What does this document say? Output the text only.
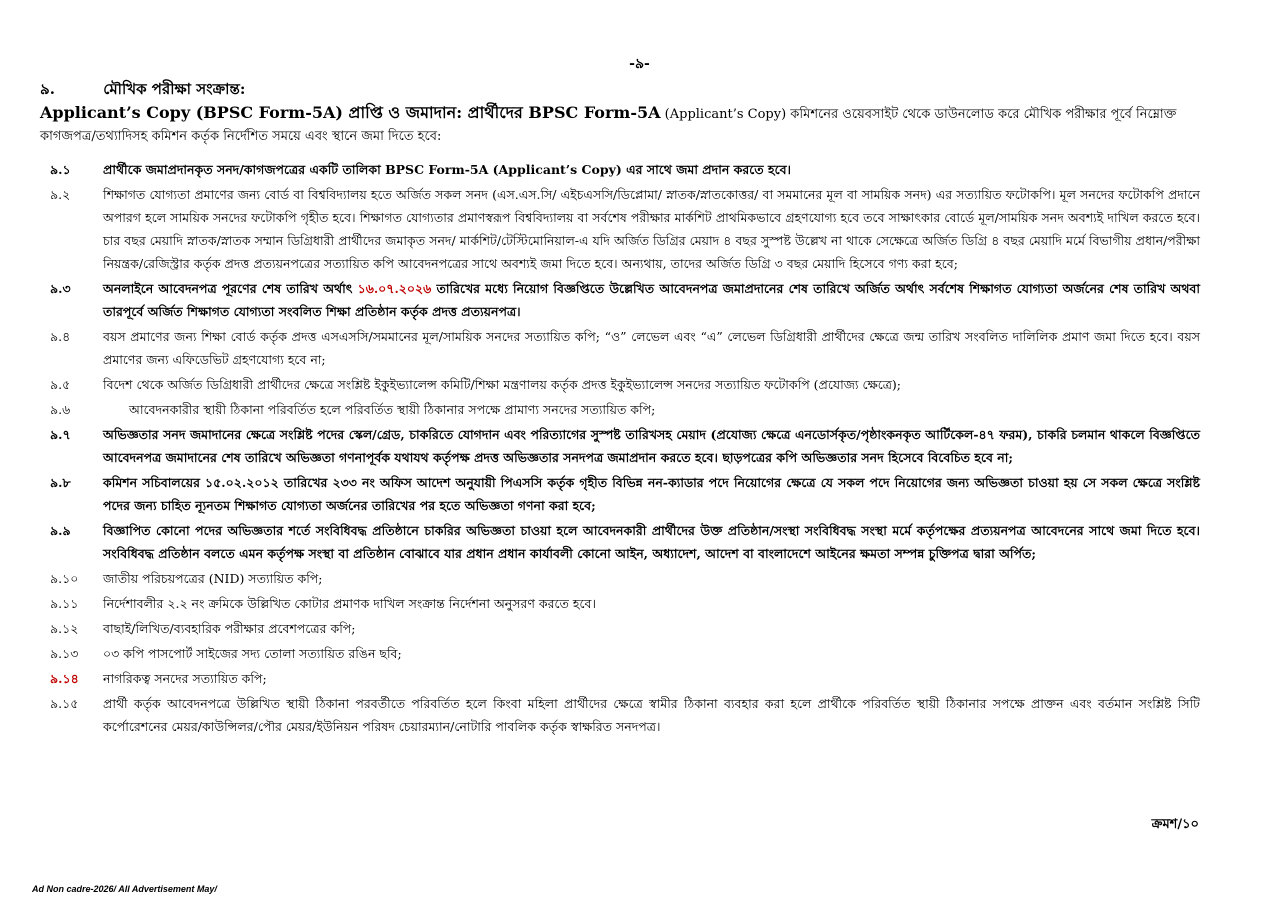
-৯-
৯.	মৌখিক পরীক্ষা সংক্রান্ত:
Applicant’s Copy (BPSC Form-5A) প্রাপ্তি ও জমাদান: প্রার্থীদের BPSC Form-5A (Applicant’s Copy) কমিশনের ওয়েবসাইট থেকে ডাউনলোড করে মৌখিক পরীক্ষার পূর্বে নিম্নোক্ত কাগজপত্র/তথ্যাদিসহ কমিশন কর্তৃক নির্দেশিত সময়ে এবং স্থানে জমা দিতে হবে:
৯.১	প্রার্থীকে জমাপ্রদানকৃত সনদ/কাগজপত্রের একটি তালিকা BPSC Form-5A (Applicant’s Copy) এর সাথে জমা প্রদান করতে হবে।
৯.২	শিক্ষাগত যোগ্যতা প্রমাণের জন্য বোর্ড বা বিশ্ববিদ্যালয় হতে অর্জিত সকল সনদ (এস.এস.সি/ এইচএসসি/ডিপ্লোমা/ স্নাতক/স্নাতকোত্তর/ বা সমমানের মূল বা সাময়িক সনদ) এর সত্যায়িত ফটোকপি। মূল সনদের ফটোকপি প্রদানে অপারগ হলে সাময়িক সনদের ফটোকপি গৃহীত হবে। শিক্ষাগত যোগ্যতার প্রমাণস্বরূপ বিশ্ববিদ্যালয় বা সর্বশেষ পরীক্ষার মার্কশিট প্রাথমিকভাবে গ্রহণযোগ্য হবে তবে সাক্ষাৎকার বোর্ডে মূল/সাময়িক সনদ অবশ্যই দাখিল করতে হবে। চার বছর মেয়াদি স্নাতক/স্নাতক সম্মান ডিগ্রিধারী প্রার্থীদের জমাকৃত সনদ/ মার্কশিট/টেস্টিমোনিয়াল-এ যদি অর্জিত ডিগ্রির মেয়াদ ৪ বছর সুস্পষ্ট উল্লেখ না থাকে সেক্ষেত্রে অর্জিত ডিগ্রি ৪ বছর মেয়াদি মর্মে বিভাগীয় প্রধান/পরীক্ষা নিয়ন্ত্রক/রেজিস্ট্রার কর্তৃক প্রদত্ত প্রত্যয়নপত্রের সত্যায়িত কপি আবেদনপত্রের সাথে অবশ্যই জমা দিতে হবে। অন্যথায়, তাদের অর্জিত ডিগ্রি ৩ বছর মেয়াদি হিসেবে গণ্য করা হবে;
৯.৩	অনলাইনে আবেদনপত্র পূরণের শেষ তারিখ অর্থাৎ ১৬.০৭.২০২৬ তারিখের মধ্যে নিয়োগ বিজ্ঞপ্তিতে উল্লেখিত আবেদনপত্র জমাপ্রদানের শেষ তারিখে অর্জিত অর্থাৎ সর্বশেষ শিক্ষাগত যোগ্যতা অর্জনের শেষ তারিখ অথবা তারপূর্বে অর্জিত শিক্ষাগত যোগ্যতা সংবলিত শিক্ষা প্রতিষ্ঠান কর্তৃক প্রদত্ত প্রত্যয়নপত্র।
৯.৪	বয়স প্রমাণের জন্য শিক্ষা বোর্ড কর্তৃক প্রদত্ত এসএসসি/সমমানের মূল/সাময়িক সনদের সত্যায়িত কপি; “ও” লেভেল এবং “এ” লেভেল ডিগ্রিধারী প্রার্থীদের ক্ষেত্রে জন্ম তারিখ সংবলিত দালিলিক প্রমাণ জমা দিতে হবে। বয়স প্রমাণের জন্য এফিডেভিট গ্রহণযোগ্য হবে না;
৯.৫	বিদেশ থেকে অর্জিত ডিগ্রিধারী প্রার্থীদের ক্ষেত্রে সংশ্লিষ্ট ইকুইভ্যালেন্স কমিটি/শিক্ষা মন্ত্রণালয় কর্তৃক প্রদত্ত ইকুইভ্যালেন্স সনদের সত্যায়িত ফটোকপি (প্রযোজ্য ক্ষেত্রে);
৯.৬	আবেদনকারীর স্থায়ী ঠিকানা পরিবর্তিত হলে পরিবর্তিত স্থায়ী ঠিকানার সপক্ষে প্রামাণ্য সনদের সত্যায়িত কপি;
৯.৭	অভিজ্ঞতার সনদ জমাদানের ক্ষেত্রে সংশ্লিষ্ট পদের স্কেল/গ্রেড, চাকরিতে যোগদান এবং পরিত্যাগের সুস্পষ্ট তারিখসহ মেয়াদ (প্রযোজ্য ক্ষেত্রে এনডোর্সকৃত/পৃষ্ঠাংকনকৃত আর্টিকেল-৪৭ ফরম), চাকরি চলমান থাকলে বিজ্ঞপ্তিতে আবেদনপত্র জমাদানের শেষ তারিখে অভিজ্ঞতা গণনাপূর্বক যথাযথ কর্তৃপক্ষ প্রদত্ত অভিজ্ঞতার সনদপত্র জমাপ্রদান করতে হবে। ছাড়পত্রের কপি অভিজ্ঞতার সনদ হিসেবে বিবেচিত হবে না;
৯.৮	কমিশন সচিবালয়ের ১৫.০২.২০১২ তারিখের ২৩৩ নং অফিস আদেশ অনুযায়ী পিএসসি কর্তৃক গৃহীত বিভিন্ন নন-ক্যাডার পদে নিয়োগের ক্ষেত্রে যে সকল পদে নিয়োগের জন্য অভিজ্ঞতা চাওয়া হয় সে সকল ক্ষেত্রে সংশ্লিষ্ট পদের জন্য চাহিত ন্যূনতম শিক্ষাগত যোগ্যতা অর্জনের তারিখের পর হতে অভিজ্ঞতা গণনা করা হবে;
৯.৯	বিজ্ঞাপিত কোনো পদের অভিজ্ঞতার শর্তে সংবিধিবদ্ধ প্রতিষ্ঠানে চাকরির অভিজ্ঞতা চাওয়া হলে আবেদনকারী প্রার্থীদের উক্ত প্রতিষ্ঠান/সংস্থা সংবিধিবদ্ধ সংস্থা মর্মে কর্তৃপক্ষের প্রত্যয়নপত্র আবেদনের সাথে জমা দিতে হবে। সংবিধিবদ্ধ প্রতিষ্ঠান বলতে এমন কর্তৃপক্ষ সংস্থা বা প্রতিষ্ঠান বোঝাবে যার প্রধান প্রধান কার্যাবলী কোনো আইন, অধ্যাদেশ, আদেশ বা বাংলাদেশে আইনের ক্ষমতা সম্পন্ন চুক্তিপত্র দ্বারা অর্পিত;
৯.১০	জাতীয় পরিচয়পত্রের (NID) সত্যায়িত কপি;
৯.১১	নির্দেশাবলীর ২.২ নং ক্রমিকে উল্লিখিত কোটার প্রমাণক দাখিল সংক্রান্ত নির্দেশনা অনুসরণ করতে হবে।
৯.১২	বাছাই/লিখিত/ব্যবহারিক পরীক্ষার প্রবেশপত্রের কপি;
৯.১৩	০৩ কপি পাসপোর্ট সাইজের সদ্য তোলা সত্যায়িত রঙিন ছবি;
৯.১৪	নাগরিকত্ব সনদের সত্যায়িত কপি;
৯.১৫	প্রার্থী কর্তৃক আবেদনপত্রে উল্লিখিত স্থায়ী ঠিকানা পরবর্তীতে পরিবর্তিত হলে কিংবা মহিলা প্রার্থীদের ক্ষেত্রে স্বামীর ঠিকানা ব্যবহার করা হলে প্রার্থীকে পরিবর্তিত স্থায়ী ঠিকানার সপক্ষে প্রাক্তন এবং বর্তমান সংশ্লিষ্ট সিটি কর্পোরেশনের মেয়র/কাউন্সিলর/পৌর মেয়র/ইউনিয়ন পরিষদ চেয়ারম্যান/নোটারি পাবলিক কর্তৃক স্বাক্ষরিত সনদপত্র।
ক্রমশ/১০
Ad Non cadre-2026/ All Advertisement May/
